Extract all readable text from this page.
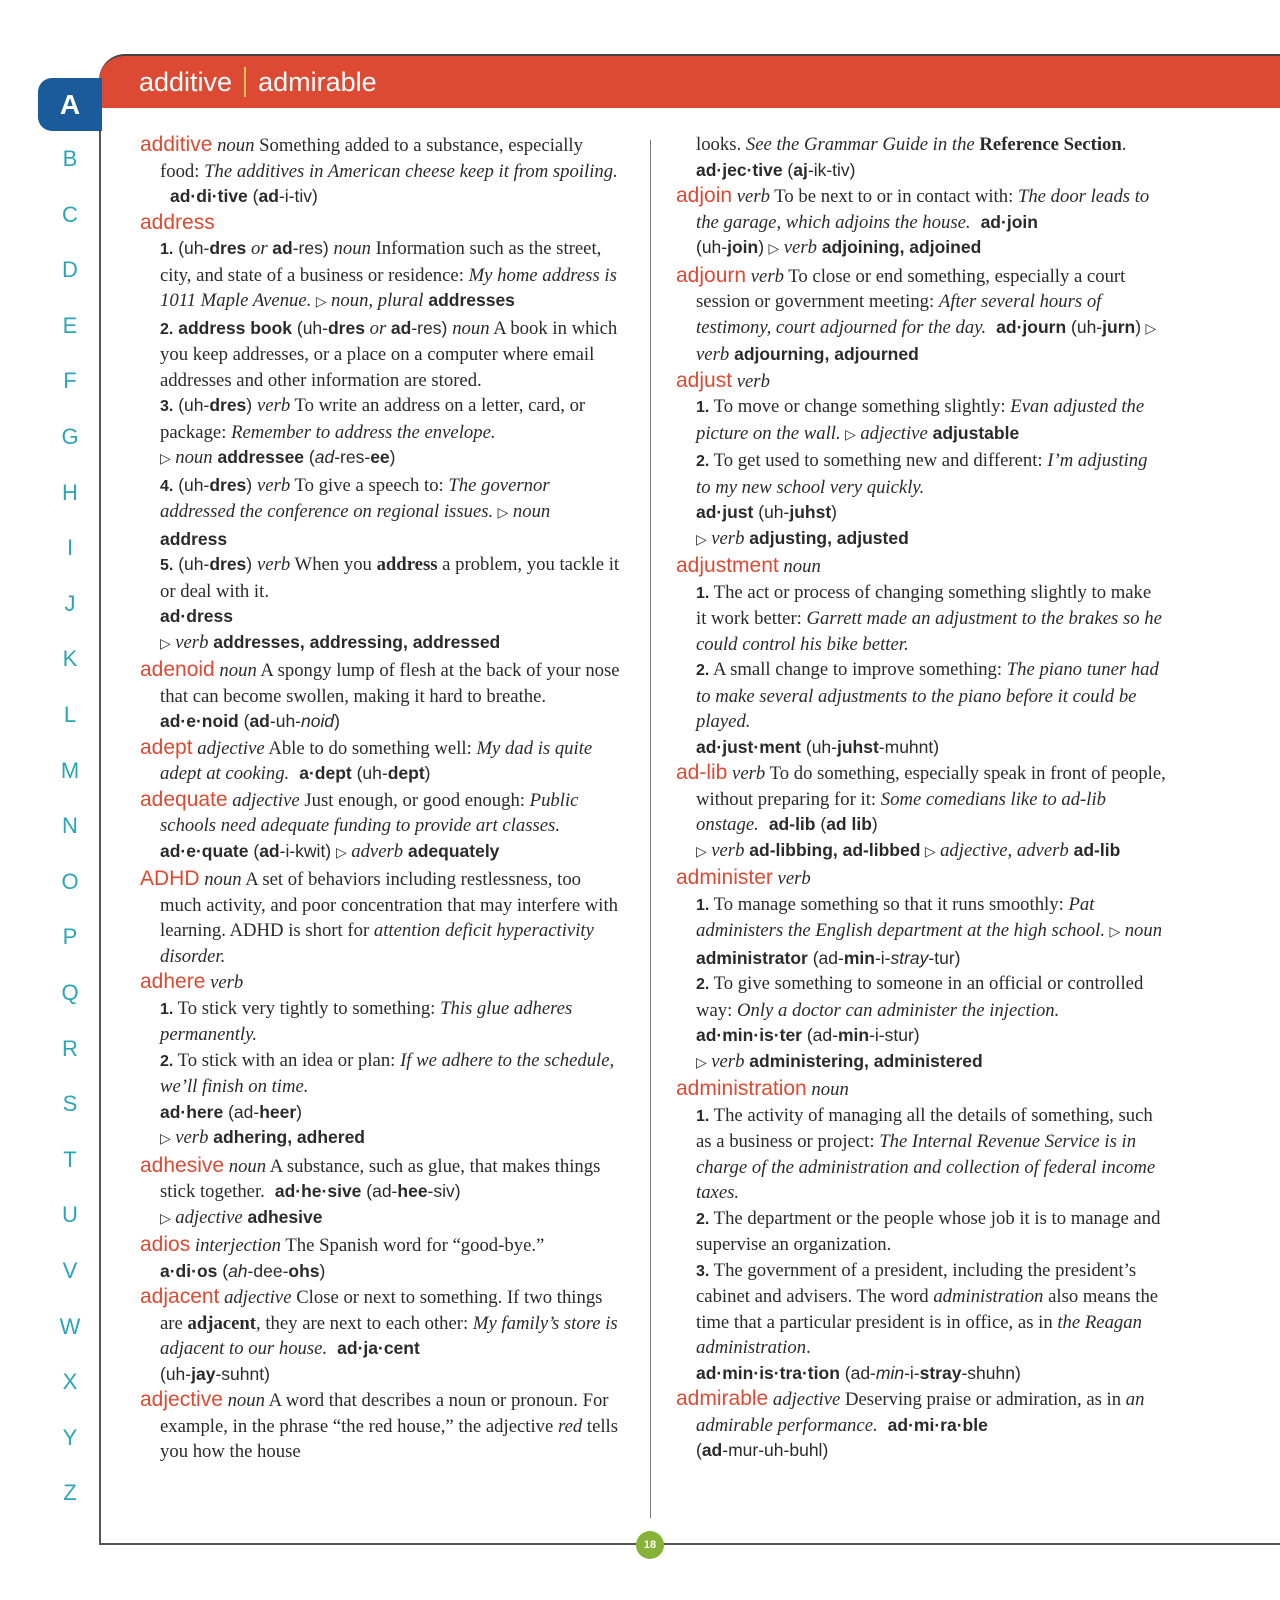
additive admirable
A
B
C
D
E
F
G
H
I
J
K
L
M
N
O
P
Q
R
S
T
U
V
W
X
Y
Z
additive noun Something added to a substance, especially food: The additives in American cheese keep it from spoiling.ad·di·tive (ad-i-tiv)
address
1. (uh-dres or ad-res) noun Information such as the street, city, and state of a business or residence: My home address is 1011 Maple Avenue. ▷ noun, plural addresses
2. address book (uh-dres or ad-res) noun A book in which you keep addresses, or a place on a computer where email addresses and other information are stored.
3. (uh-dres) verb To write an address on a letter, card, or package: Remember to address the envelope.
▷ noun addressee (ad-res-ee)
4. (uh-dres) verb To give a speech to: The governor addressed the conference on regional issues. ▷ noun
address
5. (uh-dres) verb When you address a problem, you tackle it or deal with it.
ad·dress
▷ verb addresses, addressing, addressed
adenoid noun A spongy lump of flesh at the back of your nose that can become swollen, making it hard to breathe.ad·e·noid (ad-uh-noid)
adept adjective Able to do something well: My dad is quite adept at cooking. a·dept (uh-dept)
adequate adjective Just enough, or good enough: Public schools need adequate funding to provide art classes.ad·e·quate (ad-i-kwit) ▷ adverb adequately
ADHD noun A set of behaviors including restlessness, too much activity, and poor concentration that may interfere with learning. ADHD is short for attention deficit hyperactivity disorder.
adhere verb
1. To stick very tightly to something: This glue adheres permanently.
2. To stick with an idea or plan: If we adhere to the schedule, we’ll finish on time.
ad·here (ad-heer)
▷ verb adhering, adhered
adhesive noun A substance, such as glue, that makes things stick together. ad·he·sive (ad-hee-siv)
▷ adjective adhesive
adios interjection The Spanish word for “good-bye.”
a·di·os (ah-dee-ohs)
adjacent adjective Close or next to something. If two things are adjacent, they are next to each other: My family’s store is adjacent to our house. ad·ja·cent
(uh-jay-suhnt)
adjective noun A word that describes a noun or pronoun. For example, in the phrase “the red house,” the adjective red tells you how the house
looks. See the Grammar Guide in the Reference Section.ad·jec·tive (aj-ik-tiv)
adjoin verb To be next to or in contact with: The door leads to the garage, which adjoins the house. ad·join
(uh-join) ▷ verb adjoining, adjoined
adjourn verb To close or end something, especially a court session or government meeting: After several hours of testimony, court adjourned for the day. ad·journ (uh-jurn) ▷ verb adjourning, adjourned
adjust verb
1. To move or change something slightly: Evan adjusted the picture on the wall. ▷ adjective adjustable
2. To get used to something new and different: I’m adjusting to my new school very quickly.
ad·just (uh-juhst)
▷ verb adjusting, adjusted
adjustment noun
1. The act or process of changing something slightly to make it work better: Garrett made an adjustment to the brakes so he could control his bike better.
2. A small change to improve something: The piano tuner had to make several adjustments to the piano before it could be played.
ad·just·ment (uh-juhst-muhnt)
ad-lib verb To do something, especially speak in front of people, without preparing for it: Some comedians like to ad-lib onstage. ad-lib (ad lib)
▷ verb ad-libbing, ad-libbed ▷ adjective, adverb ad-lib
administer verb
1. To manage something so that it runs smoothly: Pat administers the English department at the high school. ▷ noun administrator (ad-min-i-stray-tur)
2. To give something to someone in an official or controlled way: Only a doctor can administer the injection.
ad·min·is·ter (ad-min-i-stur)
▷ verb administering, administered
administration noun
1. The activity of managing all the details of something, such as a business or project: The Internal Revenue Service is in charge of the administration and collection of federal income taxes.
2. The department or the people whose job it is to manage and supervise an organization.
3. The government of a president, including the president’s cabinet and advisers. The word administration also means the time that a particular president is in office, as in the Reagan administration.
ad·min·is·tra·tion (ad-min-i-stray-shuhn)
admirable adjective Deserving praise or admiration, as in an admirable performance. ad·mi·ra·ble
(ad-mur-uh-buhl)
18
